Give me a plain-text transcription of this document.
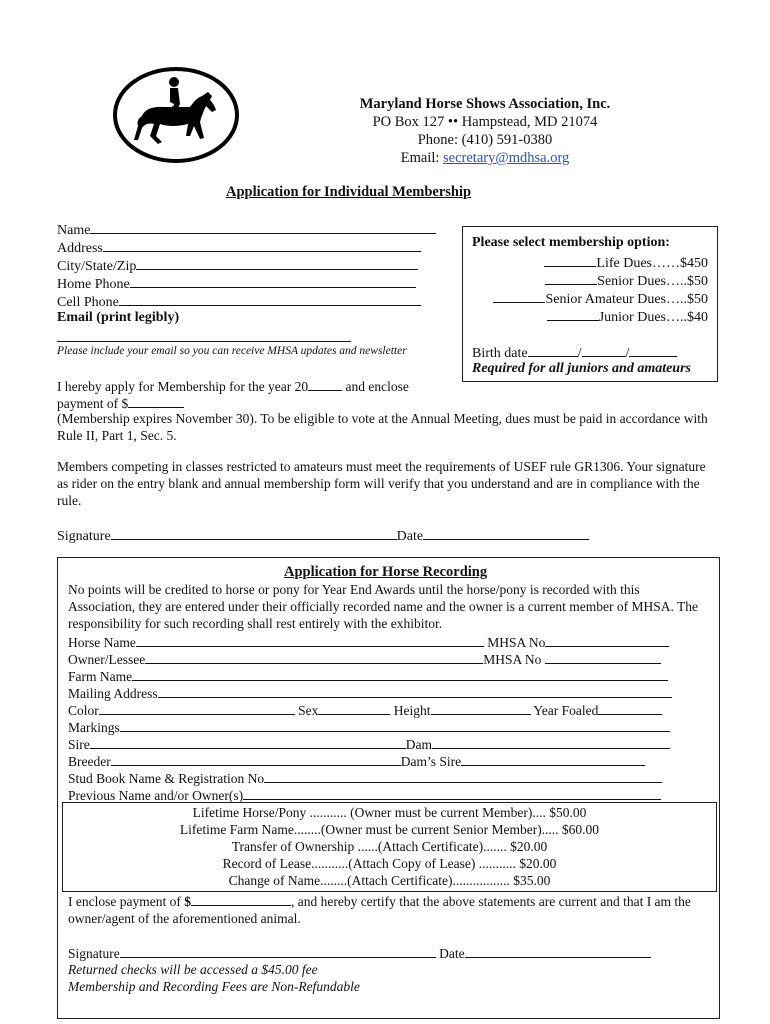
Maryland Horse Shows Association, Inc.
PO Box 127 •• Hampstead, MD 21074
Phone: (410) 591-0380
Email: secretary@mdhsa.org
Application for Individual Membership
Name
Address
City/State/Zip
Home Phone
Cell Phone
Email (print legibly)
Please include your email so you can receive MHSA updates and newsletter
Please select membership option:
Life Dues……$450
Senior Dues…..$50
Senior Amateur Dues…..$50
Junior Dues…..$40
Birth date	/	/
Required for all juniors and amateurs
I hereby apply for Membership for the year 20	and enclose
payment of $
(Membership expires November 30). To be eligible to vote at the Annual Meeting, dues must be paid in accordance with Rule II, Part 1, Sec. 5.
Members competing in classes restricted to amateurs must meet the requirements of USEF rule GR1306. Your signature as rider on the entry blank and annual membership form will verify that you understand and are in compliance with the rule.
Signature	Date
Application for Horse Recording
No points will be credited to horse or pony for Year End Awards until the horse/pony is recorded with this Association, they are entered under their officially recorded name and the owner is a current member of MHSA. The responsibility for such recording shall rest entirely with the exhibitor.
Horse Name	MHSA No
Owner/Lessee	MHSA No
Farm Name
Mailing Address
Color	Sex	Height	Year Foaled
Markings
Sire	Dam
Breeder	Dam’s Sire
Stud Book Name & Registration No
Previous Name and/or Owner(s)
Lifetime Horse/Pony ........... (Owner must be current Member).... $50.00
Lifetime Farm Name........(Owner must be current Senior Member)..... $60.00
Transfer of Ownership ......(Attach Certificate)....... $20.00
Record of Lease...........(Attach Copy of Lease) ........... $20.00
Change of Name........(Attach Certificate)................. $35.00
I enclose payment of $	, and hereby certify that the above statements are current and that I am the owner/agent of the aforementioned animal.
Signature	Date
Returned checks will be accessed a $45.00 fee
Membership and Recording Fees are Non-Refundable
